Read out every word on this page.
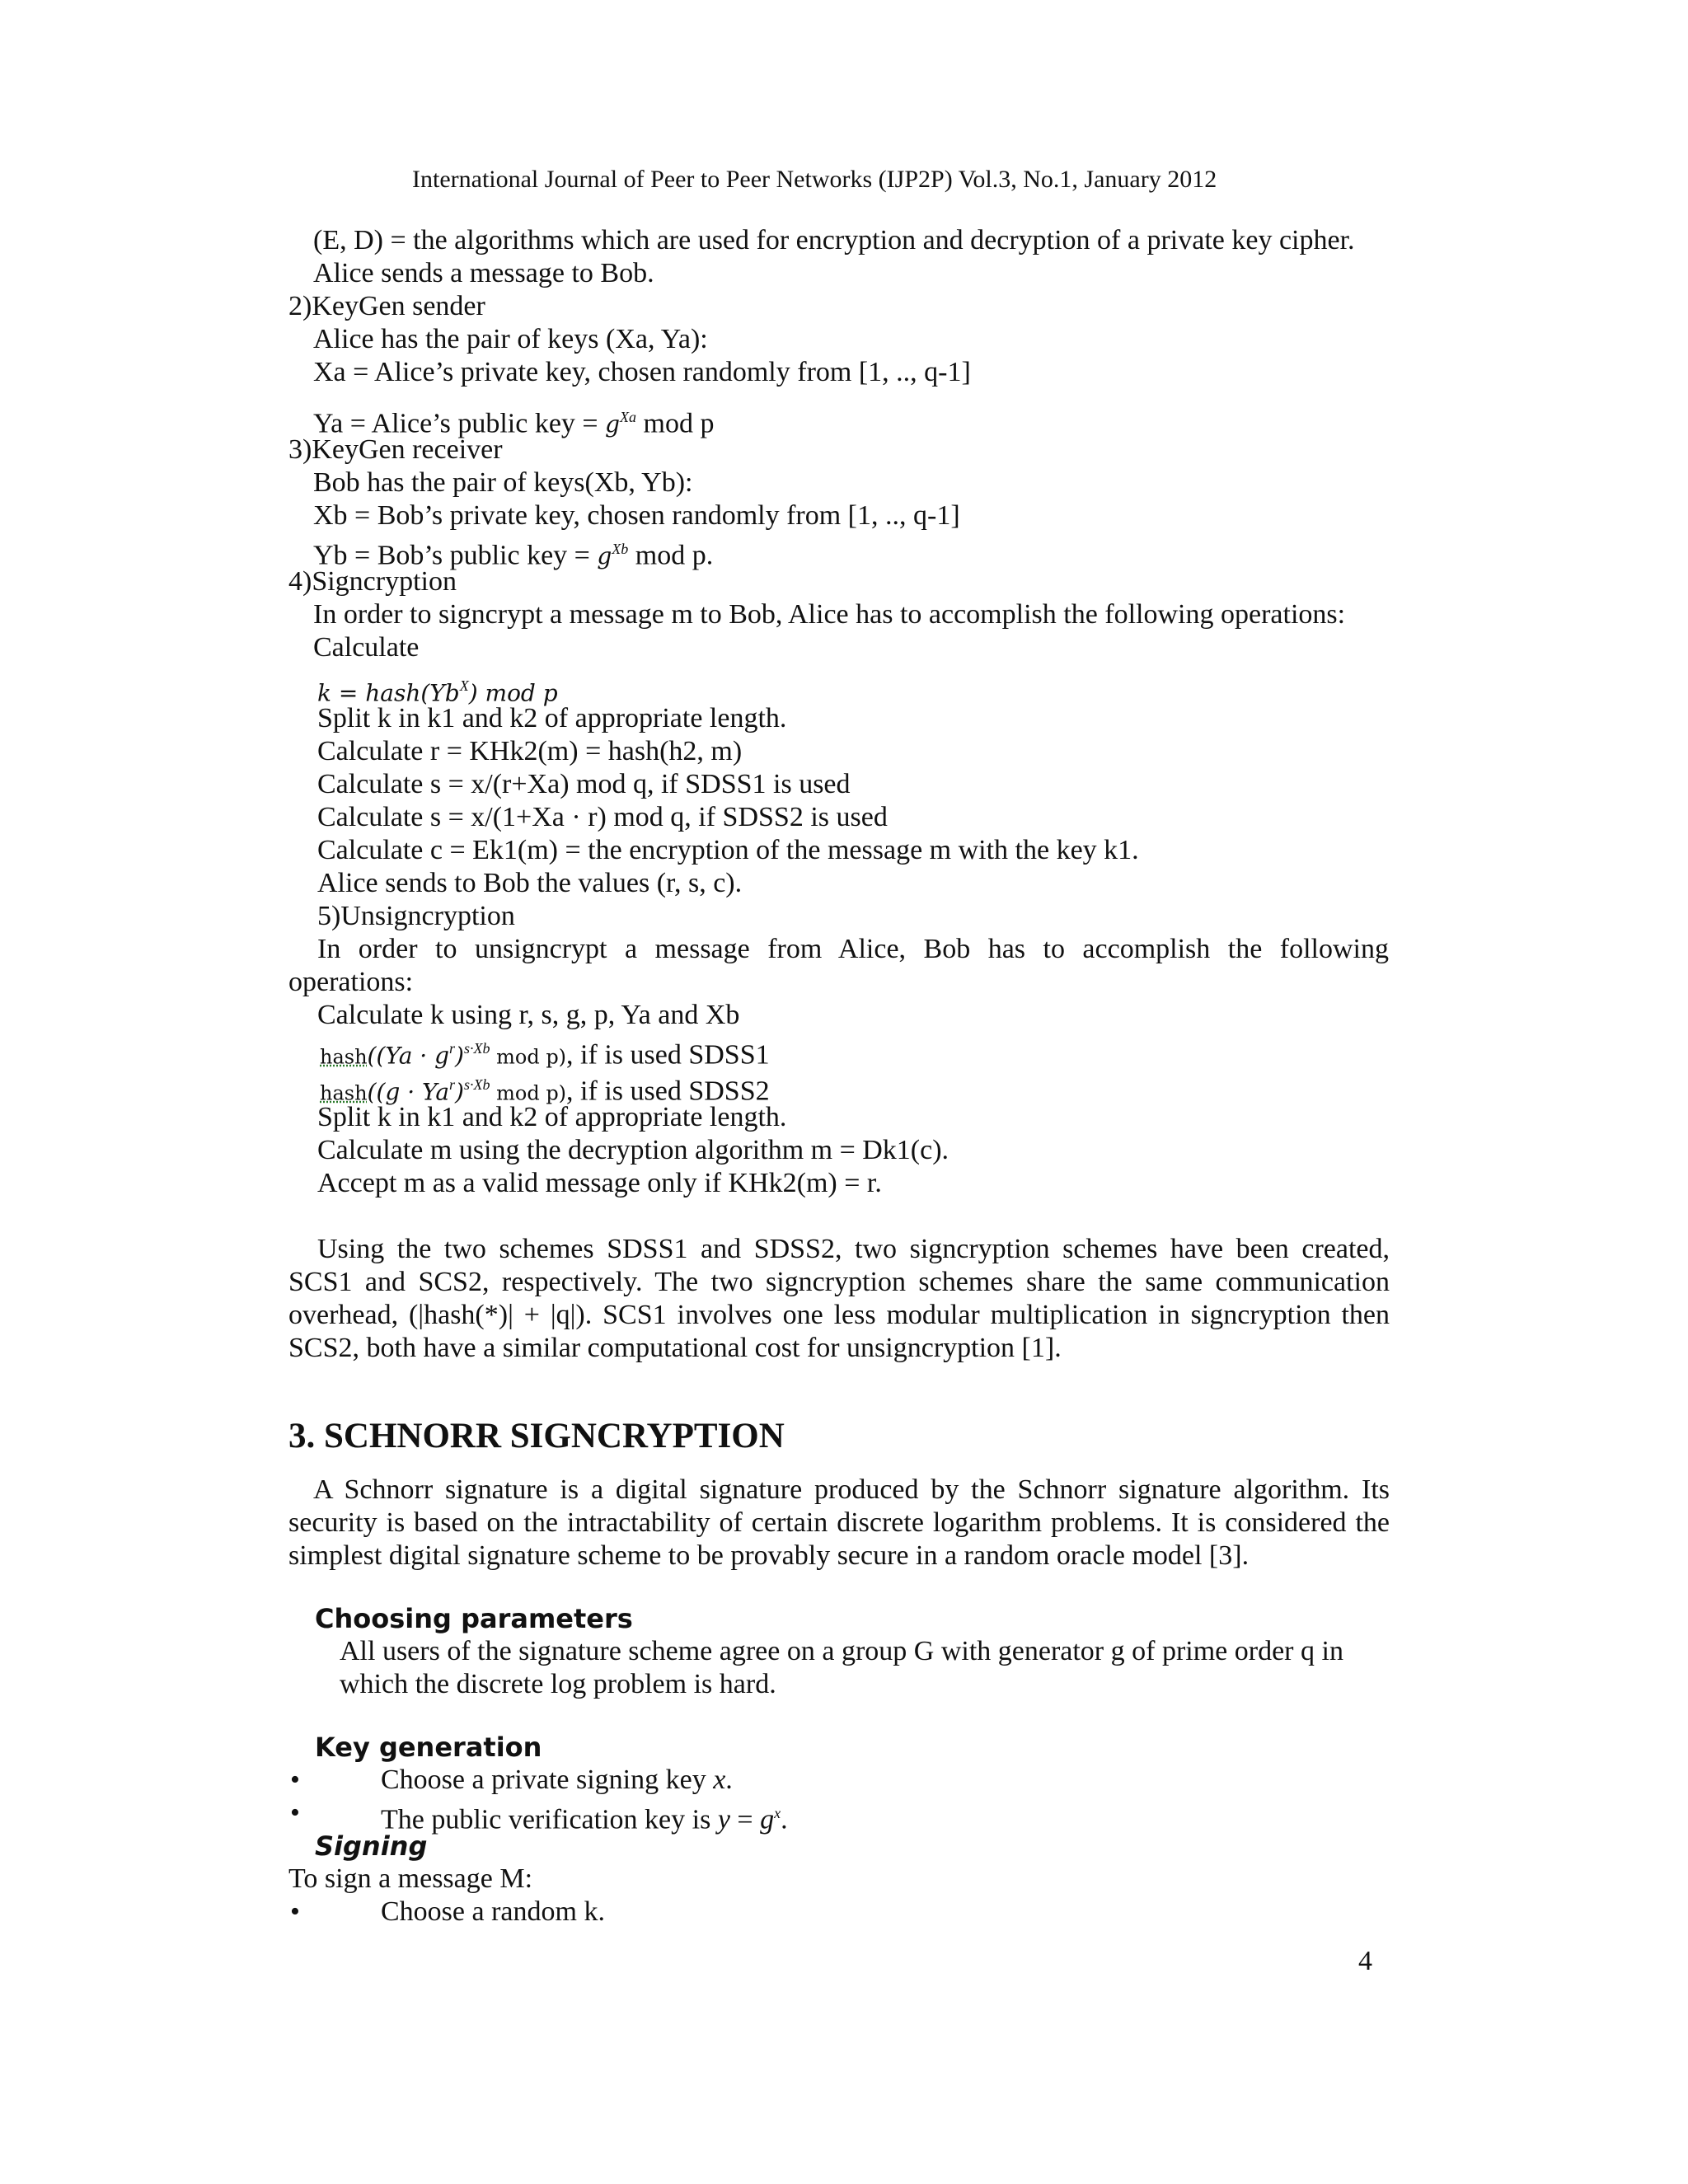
International Journal of Peer to Peer Networks (IJP2P) Vol.3, No.1, January 2012
(E, D) = the algorithms which are used for encryption and decryption of a private key cipher.
Alice sends a message to Bob.
2)KeyGen sender
Alice has the pair of keys (Xa, Ya):
Xa = Alice’s private key, chosen randomly from [1, .., q-1]
Ya = Alice’s public key = $g^{Xa}$ mod p
3)KeyGen receiver
Bob has the pair of keys(Xb, Yb):
Xb = Bob’s private key, chosen randomly from [1, .., q-1]
Yb = Bob’s public key = $g^{Xb}$ mod p.
4)Signcryption
In order to signcrypt a message m to Bob, Alice has to accomplish the following operations:
Calculate
$k = hash(Yb^X)$ mod p
Split k in k1 and k2 of appropriate length.
Calculate r = KHk2(m) = hash(h2, m)
Calculate s = x/(r+Xa) mod q, if SDSS1 is used
Calculate s = x/(1+Xa · r) mod q, if SDSS2 is used
Calculate c = Ek1(m) = the encryption of the message m with the key k1.
Alice sends to Bob the values (r, s, c).
5)Unsigncryption
In order to unsigncrypt a message from Alice, Bob has to accomplish the following
operations:
Calculate k using r, s, g, p, Ya and Xb
hash((Ya · $g^r)^{s\cdot Xb}$ mod p), if is used SDSS1
hash((g · $Ya^r)^{s\cdot Xb}$ mod p), if is used SDSS2
Split k in k1 and k2 of appropriate length.
Calculate m using the decryption algorithm m = Dk1(c).
Accept m as a valid message only if KHk2(m) = r.
Using the two schemes SDSS1 and SDSS2, two signcryption schemes have been created,
SCS1 and SCS2, respectively. The two signcryption schemes share the same communication
overhead, (|hash(*)| + |q|). SCS1 involves one less modular multiplication in signcryption then
SCS2, both have a similar computational cost for unsigncryption [1].
3. SCHNORR SIGNCRYPTION
A Schnorr signature is a digital signature produced by the Schnorr signature algorithm. Its
security is based on the intractability of certain discrete logarithm problems. It is considered the
simplest digital signature scheme to be provably secure in a random oracle model [3].
Choosing parameters
All users of the signature scheme agree on a group G with generator g of prime order q in
which the discrete log problem is hard.
Key generation
•	Choose a private signing key x.
•	The public verification key is $y = g^x$.
Signing
To sign a message M:
•	Choose a random k.
4
